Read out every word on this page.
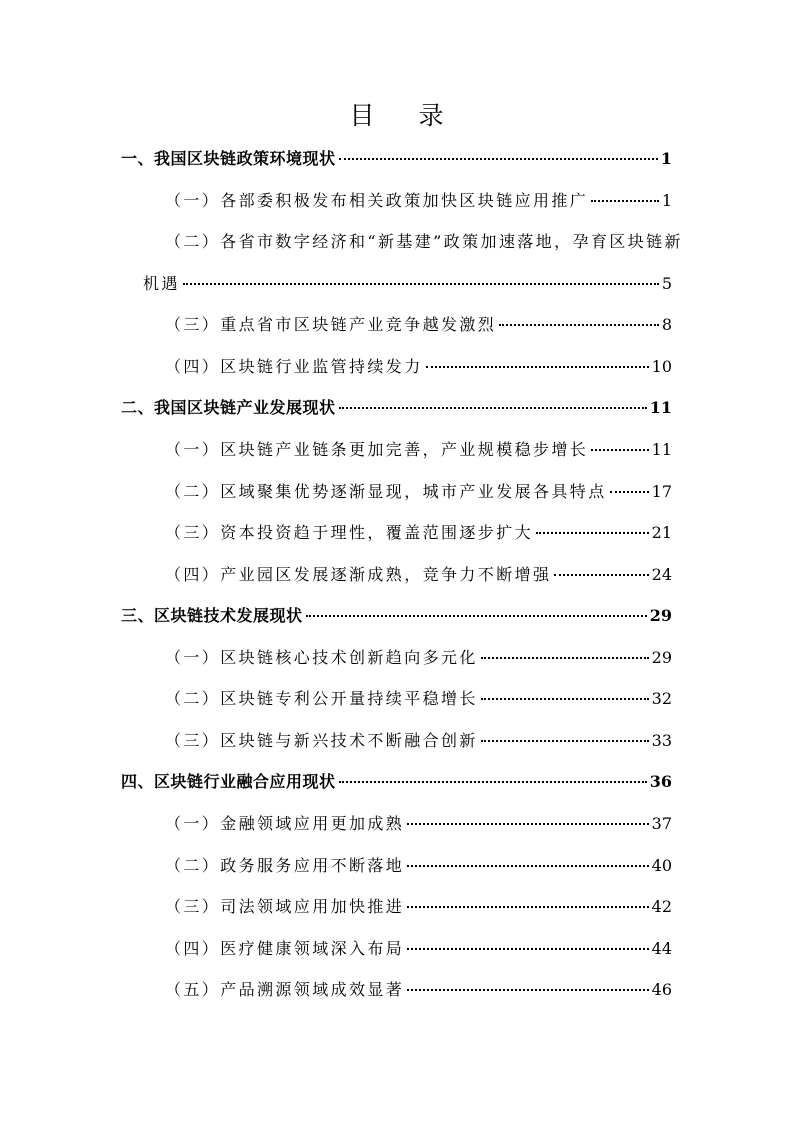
目 录
一、我国区块链政策环境现状	1
（一）各部委积极发布相关政策加快区块链应用推广	1
（二）各省市数字经济和“新基建”政策加速落地，孕育区块链新
机遇	5
（三）重点省市区块链产业竞争越发激烈	8
（四）区块链行业监管持续发力	10
二、我国区块链产业发展现状	11
（一）区块链产业链条更加完善，产业规模稳步增长	11
（二）区域聚集优势逐渐显现，城市产业发展各具特点	17
（三）资本投资趋于理性，覆盖范围逐步扩大	21
（四）产业园区发展逐渐成熟，竞争力不断增强	24
三、区块链技术发展现状	29
（一）区块链核心技术创新趋向多元化	29
（二）区块链专利公开量持续平稳增长	32
（三）区块链与新兴技术不断融合创新	33
四、区块链行业融合应用现状	36
（一）金融领域应用更加成熟	37
（二）政务服务应用不断落地	40
（三）司法领域应用加快推进	42
（四）医疗健康领域深入布局	44
（五）产品溯源领域成效显著	46
